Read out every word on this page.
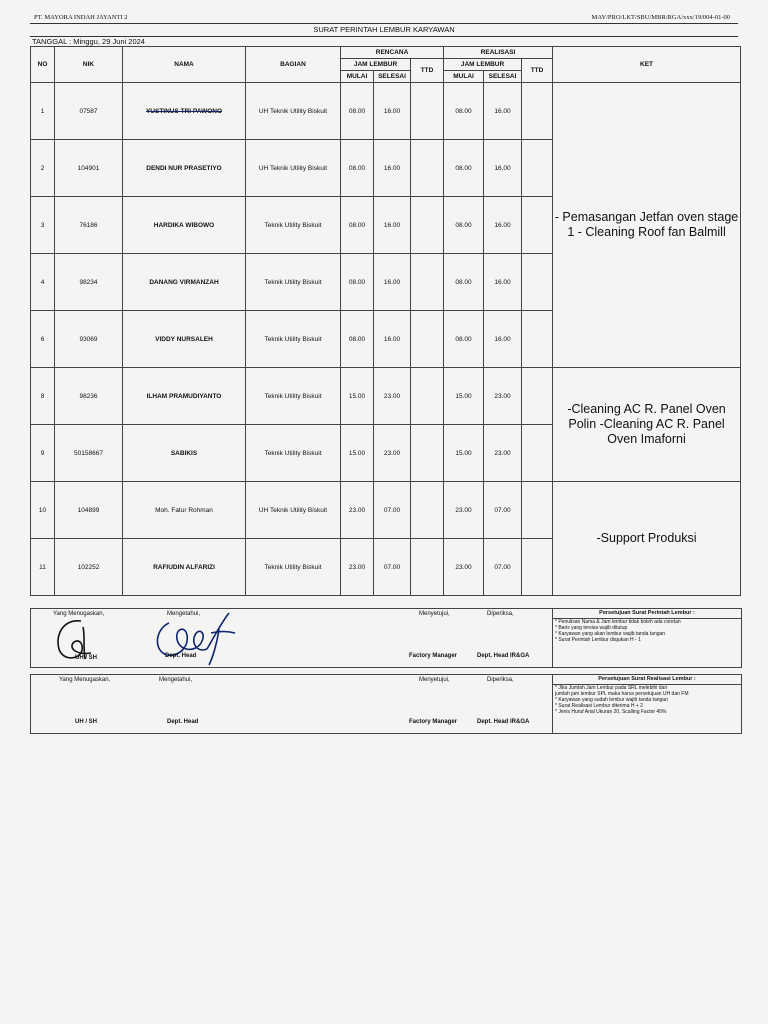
PT. MAYORA INDAH JAYANTI 2	MAY/PRO/LKT/SBU/MBR/RGA/xxx/19/004-01-00
SURAT PERINTAH LEMBUR KARYAWAN
TANGGAL : Minggu, 29 Juni 2024
NO	NIK	NAMA	BAGIAN	RENCANA			REALISASI			KET
				JAM LEMBUR		TTD	JAM LEMBUR		TTD	
				MULAI	SELESAI		MULAI	SELESAI		
1	07587	YUSTINUS TRI PAWONO	UH Teknik Utility Biskuit	08.00	16.00		08.00	16.00		- Pemasangan Jetfan oven stage 1 - Cleaning Roof fan Balmill
2	104901	DENDI NUR PRASETIYO	UH Teknik Utility Biskuit	08.00	16.00		08.00	16.00		
3	76186	HARDIKA WIBOWO	Teknik Utility Biskuit	08.00	16.00		08.00	16.00		
4	98234	DANANG VIRMANZAH	Teknik Utility Biskuit	08.00	16.00		08.00	16.00		
6	93069	VIDDY NURSALEH	Teknik Utility Biskuit	08.00	16.00		08.00	16.00		
8	98236	ILHAM PRAMUDIYANTO	Teknik Utility Biskuit	15.00	23.00		15.00	23.00		-Cleaning AC R. Panel Oven Polin -Cleaning AC R. Panel Oven Imaforni
9	50158667	SABIKIS	Teknik Utility Biskuit	15.00	23.00		15.00	23.00		
10	104899	Moh. Fatur Rohman	UH Teknik Utility Biskuit	23.00	07.00		23.00	07.00		-Support Produksi
11	102252	RAFIUDIN ALFARIZI	Teknik Utility Biskuit	23.00	07.00		23.00	07.00		
Yang Menugaskan,	Mengetahui,	Menyetujui,	Diperiksa,
UH / SH	Dept. Head	Factory Manager	Dept. Head IR&GA
Persetujuan Surat Perintah Lembur :
* Penulisan Nama & Jam lembur tidak boleh ada coretan
* Baris yang tersisa wajib ditutup
* Karyawan yang akan lembur wajib tanda tangan
* Surat Perintah Lembur diajukan H - 1
Yang Menugaskan,	Mengetahui,	Menyetujui,	Diperiksa,
UH / SH	Dept. Head	Factory Manager	Dept. Head IR&GA
Persetujuan Surat Realisasi Lembur :
* Jika Jumlah Jam Lembur pada SRL melebihi dari
jumlah jam lembur SPL maka harus persetujuan UH dan FM
* Karyawan yang sudah lembur wajib tanda tangan
* Surat Realisasi Lembur diterima H + 2
* Jenis Huruf Arial Ukuran 20, Scalling Factor 45%
